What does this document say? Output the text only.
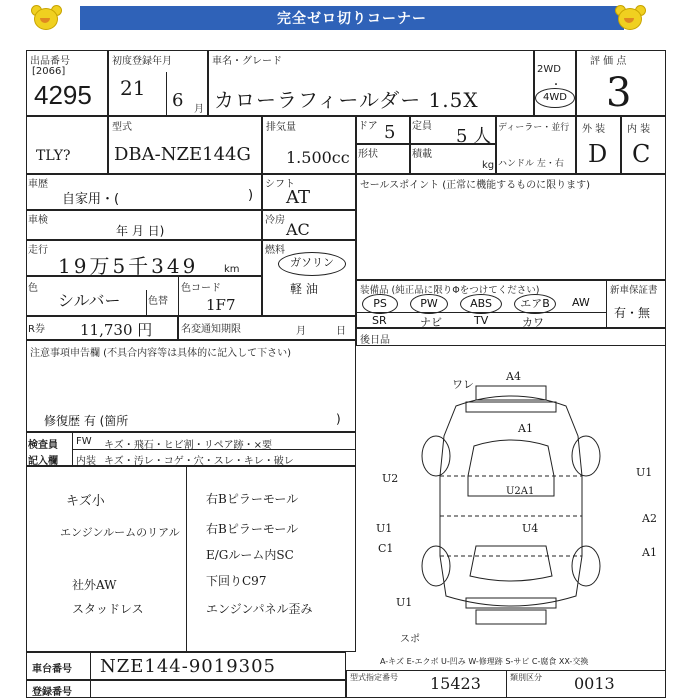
完全ゼロ切りコーナー
出品番号
[2066]
4295
初度登録年月
21
6 月
車名・グレード
カローラフィールダー 1.5X
2WD
・
4WD
評 価 点
3
TLY?
型式
DBA-NZE144G
排気量
1.500cc
ドア 5 定員 5 人
形状	積載
kg
ディーラー・並行
ハンドル 左・右
外 装
D
内 装
C
車歴
自家用・(	)
車検
年 月 日)
走行
19万5千349	km
色
シルバー	色替
色コード
1F7
R券 11,730 円	名変通知期限	月	日
シフト
AT
冷房 AC
燃料
ガソリン
軽 油
セールスポイント (正常に機能するものに限ります)
装備品 (純正品に限りΦをつけてください)	新車保証書
有・無
PS	PW	ABS	エアB	AW
SR	ナビ	TV	カワ
後日品
注意事項申告欄 (不具合内容等は具体的に記入して下さい)
修復歴 有 (箇所	)
検査員
記入欄
FW キズ・飛石・ヒビ割・リペア跡・×要
内装 キズ・汚レ・コゲ・穴・スレ・キレ・破レ
キズ小
エンジンルームのリアル
右Bピラーモール
右Bピラーモール
E/Gルーム内SC
下回りC97
社外AW
スタッドレス	エンジンパネル歪み
ワレ
A4
A1
U2	U1
U2A1
U4
A2
U1
C1	A1
U1
スポ
車台番号 NZE144-9019305
登録番号
A-キズ E-エクボ U-凹み W-修理跡 S-サビ C-腐食 XX-交換
型式指定番号 15423	類別区分 0013
